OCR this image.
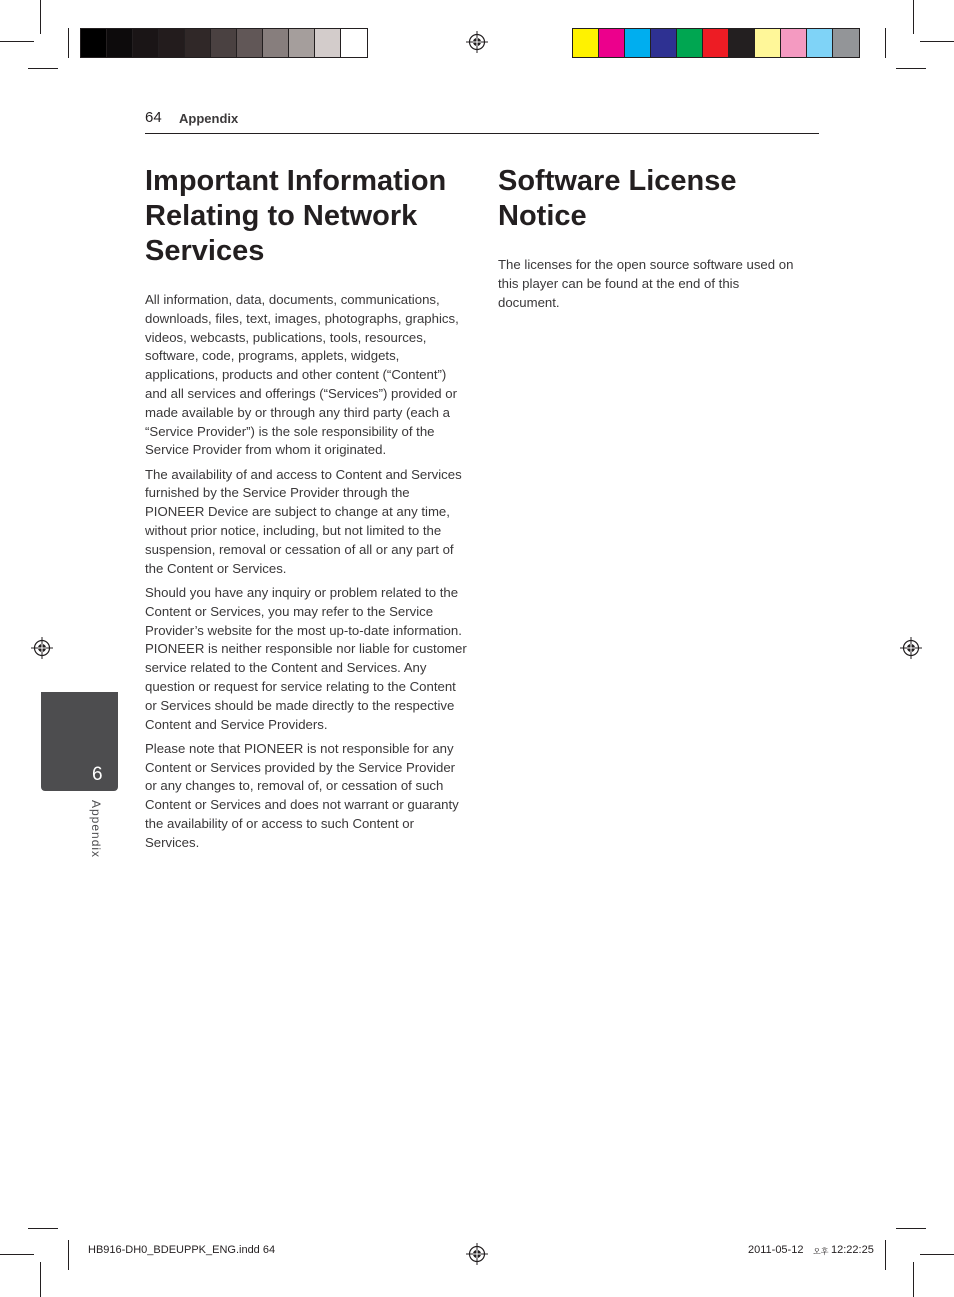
64 Appendix
Important Information Relating to Network Services

All information, data, documents, communications, downloads, files, text, images, photographs, graphics, videos, webcasts, publications, tools, resources, software, code, programs, applets, widgets, applications, products and other content (“Content”) and all services and offerings (“Services”) provided or made available by or through any third party (each a “Service Provider”) is the sole responsibility of the Service Provider from whom it originated.

The availability of and access to Content and Services furnished by the Service Provider through the PIONEER Device are subject to change at any time, without prior notice, including, but not limited to the suspension, removal or cessation of all or any part of the Content or Services.

Should you have any inquiry or problem related to the Content or Services, you may refer to the Service Provider’s website for the most up-to-date information. PIONEER is neither responsible nor liable for customer service related to the Content and Services. Any question or request for service relating to the Content or Services should be made directly to the respective Content and Service Providers.

Please note that PIONEER is not responsible for any Content or Services provided by the Service Provider or any changes to, removal of, or cessation of such Content or Services and does not warrant or guaranty the availability of or access to such Content or Services.

Software License Notice

The licenses for the open source software used on this player can be found at the end of this document.

6
Appendix
HB916-DH0_BDEUPPK_ENG.indd 64	2011-05-12 오후 12:22:25
